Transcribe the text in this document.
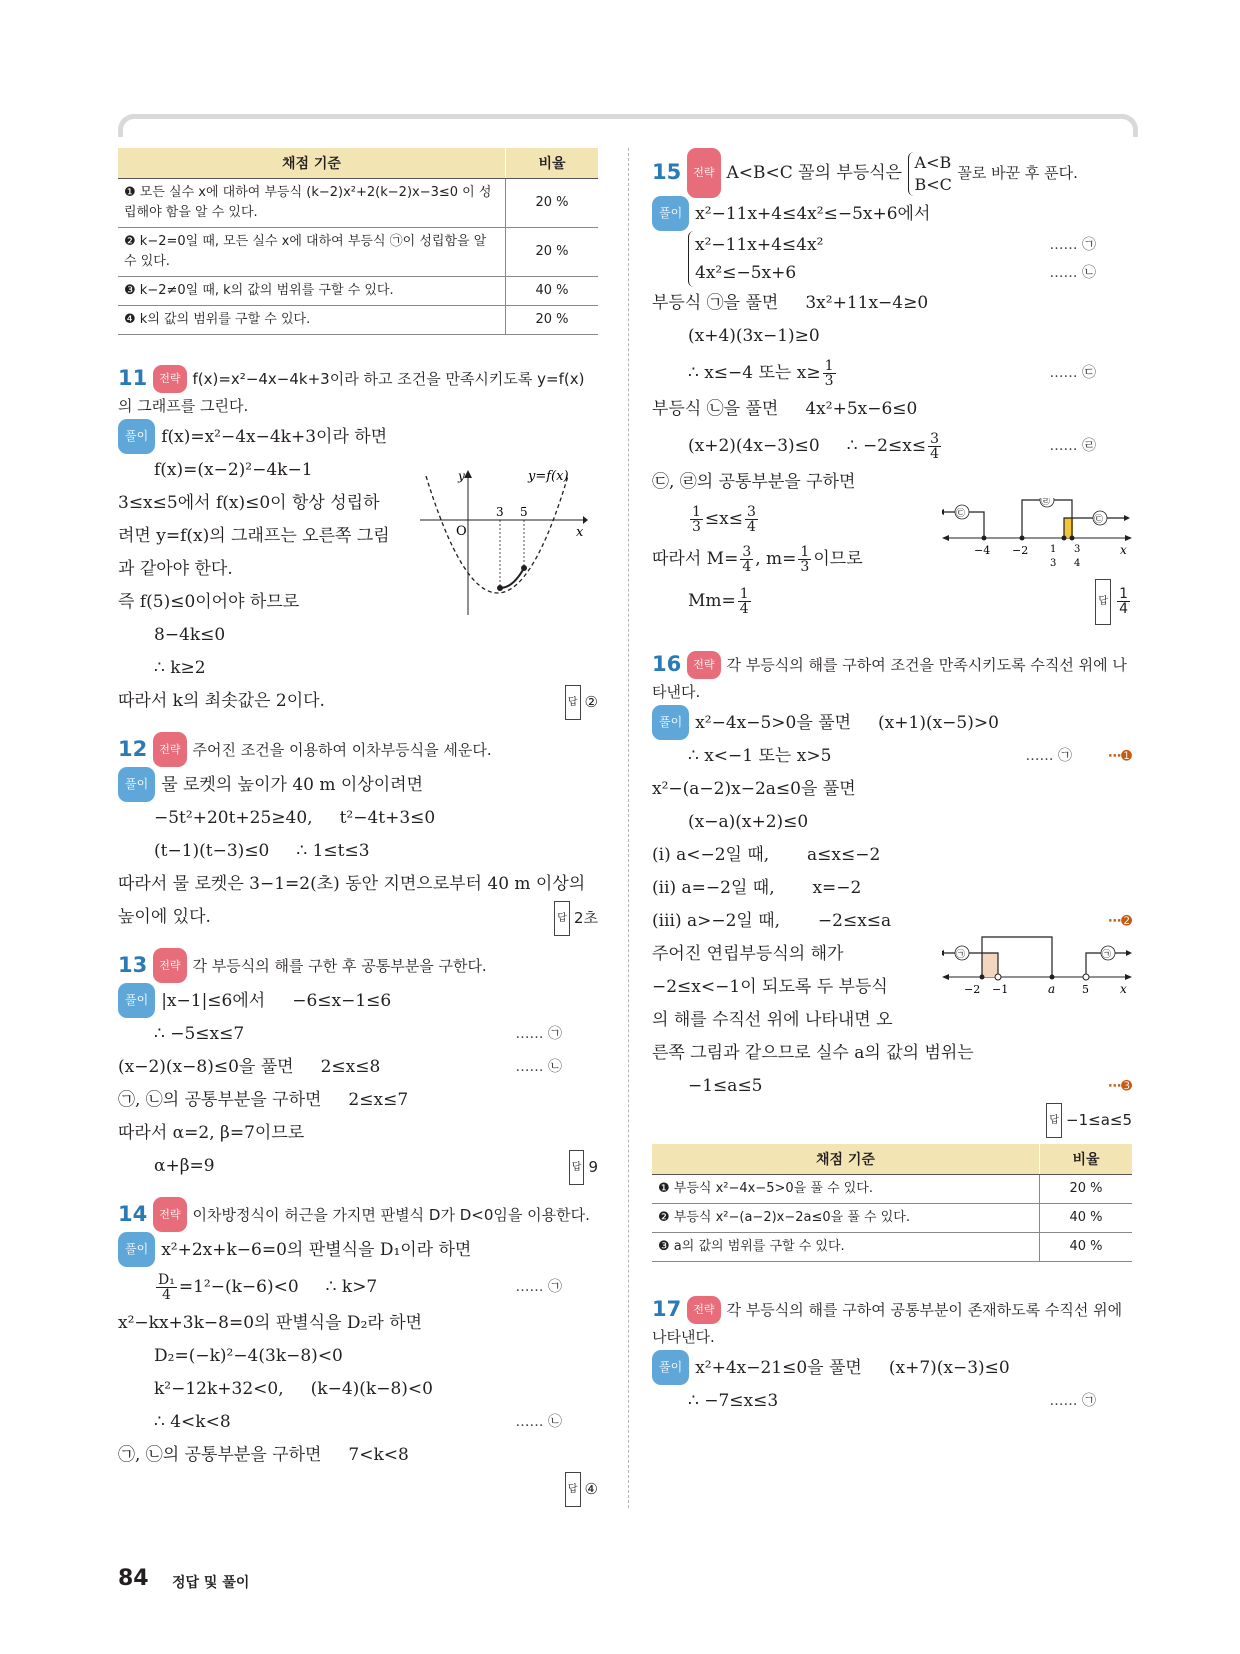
채점 기준	비율
❶ 모든 실수 x에 대하여 부등식 (k−2)x²+2(k−2)x−3≤0 이 성립해야 함을 알 수 있다.	20 %
❷ k−2=0일 때, 모든 실수 x에 대하여 부등식 ㉠이 성립함을 알 수 있다.	20 %
❸ k−2≠0일 때, k의 값의 범위를 구할 수 있다.	40 %
❹ k의 값의 범위를 구할 수 있다.	20 %
11 전략 f(x)=x²−4x−4k+3이라 하고 조건을 만족시키도록 y=f(x)의 그래프를 그린다.
풀이 f(x)=x²−4x−4k+3이라 하면
f(x)=(x−2)²−4k−1
3≤x≤5에서 f(x)≤0이 항상 성립하
려면 y=f(x)의 그래프는 오른쪽 그림
과 같아야 한다.
즉 f(5)≤0이어야 하므로
8−4k≤0
∴ k≥2
따라서 k의 최솟값은 2이다.	답 ②
O
3 5
y
x
y=f(x)
12 전략 주어진 조건을 이용하여 이차부등식을 세운다.
풀이 물 로켓의 높이가 40 m 이상이려면
−5t²+20t+25≥40,     t²−4t+3≤0
(t−1)(t−3)≤0     ∴ 1≤t≤3
따라서 물 로켓은 3−1=2(초) 동안 지면으로부터 40 m 이상의
높이에 있다.	답 2초
13 전략 각 부등식의 해를 구한 후 공통부분을 구한다.
풀이 |x−1|≤6에서     −6≤x−1≤6
∴ −5≤x≤7	…… ㉠
(x−2)(x−8)≤0을 풀면     2≤x≤8	…… ㉡
㉠, ㉡의 공통부분을 구하면     2≤x≤7
따라서 α=2, β=7이므로
α+β=9	답 9
14 전략 이차방정식이 허근을 가지면 판별식 D가 D<0임을 이용한다.
풀이 x²+2x+k−6=0의 판별식을 D₁이라 하면
$\frac{\text{D₁}}{4} =1^2-(k-6)<0$     ∴ k>7	…… ㉠
x²−kx+3k−8=0의 판별식을 D₂라 하면
D₂=(−k)²−4(3k−8)<0
k²−12k+32<0,     (k−4)(k−8)<0
∴ 4<k<8	…… ㉡
㉠, ㉡의 공통부분을 구하면     7<k<8
답 ④

15 전략 A<B<C 꼴의 부등식은
A<B
B<C
꼴로 바꾼 후 푼다.
풀이 x²−11x+4≤4x²≤−5x+6에서
x²−11x+4≤4x²	…… ㉠
4x²≤−5x+6	…… ㉡
부등식 ㉠을 풀면     3x²+11x−4≥0
(x+4)(3x−1)≥0
∴ x≤−4 또는 $x\ge \frac{1}{3}$	…… ㉢
부등식 ㉡을 풀면     4x²+5x−6≤0
(x+2)(4x−3)≤0     ∴ $-2\le x\le \frac{3}{4}$	…… ㉣
㉢, ㉣의 공통부분을 구하면
$\frac{1}{3} \le x\le \frac{3}{4}$
따라서 $M= \frac{3}{4}$ , $m= \frac{1}{3}$ 이므로
$Mm= \frac{1}{4}$	답 $\frac{1}{4}$
㉢
㉣
㉢
−4 −2 1
3
3
4
x
16 전략 각 부등식의 해를 구하여 조건을 만족시키도록 수직선 위에 나타낸다.
풀이 x²−4x−5>0을 풀면     (x+1)(x−5)>0
∴ x<−1 또는 x>5	…… ㉠	⋯➊
x²−(a−2)x−2a≤0을 풀면
(x−a)(x+2)≤0
(ⅰ) a<−2일 때,       a≤x≤−2
(ⅱ) a=−2일 때,       x=−2
(ⅲ) a>−2일 때,       −2≤x≤a	⋯➋
주어진 연립부등식의 해가
−2≤x<−1이 되도록 두 부등식
의 해를 수직선 위에 나타내면 오
른쪽 그림과 같으므로 실수 a의 값의 범위는
−1≤a≤5	⋯➌
답 −1≤a≤5

㉠	㉠
−2 −1	a 5	x
채점 기준	비율
❶ 부등식 x²−4x−5>0을 풀 수 있다.	20 %
❷ 부등식 x²−(a−2)x−2a≤0을 풀 수 있다.	40 %
❸ a의 값의 범위를 구할 수 있다.	40 %
17 전략 각 부등식의 해를 구하여 공통부분이 존재하도록 수직선 위에 나타낸다.
풀이 x²+4x−21≤0을 풀면     (x+7)(x−3)≤0
∴ −7≤x≤3	…… ㉠
84 정답 및 풀이
